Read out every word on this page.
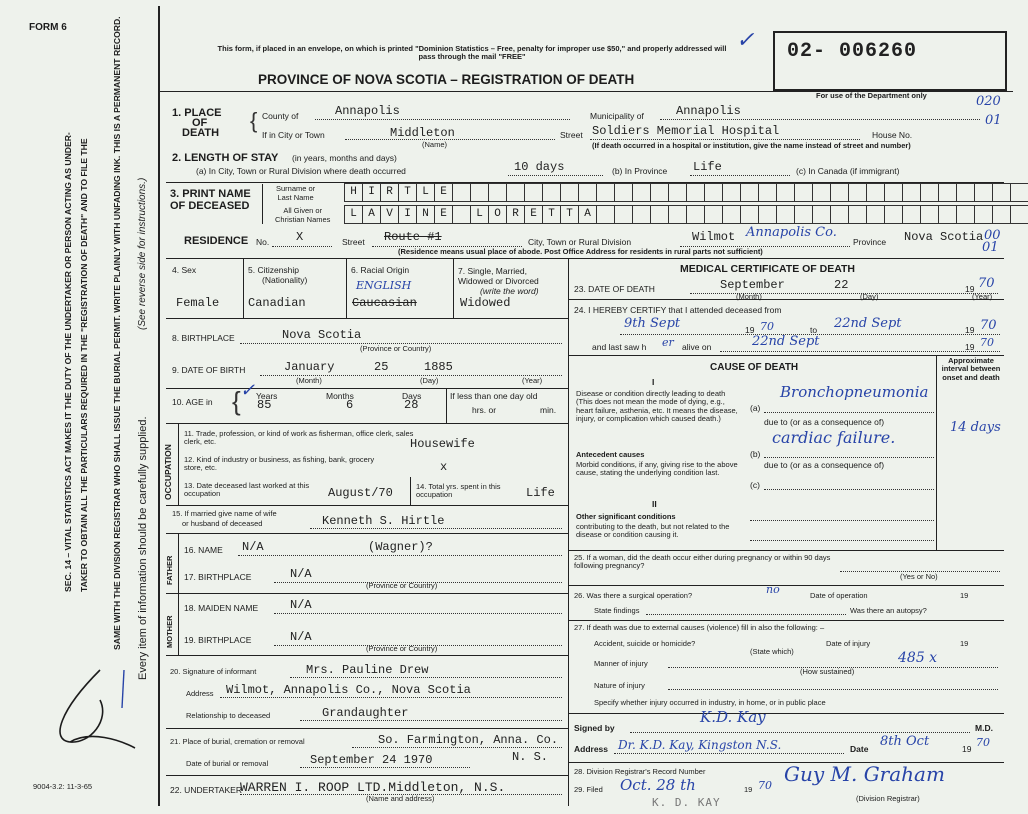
FORM 6
This form, if placed in an envelope, on which is printed "Dominion Statistics – Free, penalty for improper use $50," and properly addressed will pass through the mail "FREE"
PROVINCE OF NOVA SCOTIA – REGISTRATION OF DEATH
02- 006260
For use of the Department only
✓
020
01
00
01
SEC. 14 – VITAL STATISTICS ACT MAKES IT THE DUTY OF THE UNDERTAKER OR PERSON ACTING AS UNDER- TAKER TO OBTAIN ALL THE PARTICULARS REQUIRED IN THE "REGISTRATION OF DEATH" AND TO FILE THE	SAME WITH THE DIVISION REGISTRAR WHO SHALL ISSUE THE BURIAL PERMIT. WRITE PLAINLY WITH UNFADING INK. THIS IS A PERMANENT RECORD. Every item of information should be carefully supplied.
(See reverse side for instructions.)
9004-3.2: 11-3-65
1. PLACE
OF
DEATH { County of	Annapolis	Municipality of	Annapolis
If in City or Town	Middleton
(Name)
Street Soldiers Memorial Hospital	House No.
(If death occurred in a hospital or institution, give the name instead of street and number)
2. LENGTH OF STAY (in years, months and days)
(a) In City, Town or Rural Division where death occurred	10 days	(b) In Province Life	(c) In Canada (if immigrant)
3. PRINT NAME
OF DECEASED
Surname or
Last Name
All Given or
Christian Names
H	I	R	T	L	E
L	A	V	I	N	E	L	O	R	E	T	T	A
RESIDENCE No. X	Street Route #1	City, Town or Rural Division	Wilmot Annapolis Co.
Province Nova Scotia
(Residence means usual place of abode. Post Office Address for residents in rural parts not sufficient)
4. Sex
Female
5. Citizenship
(Nationality)
Canadian
6. Racial Origin
ENGLISH
Caucasian
7. Single, Married,
Widowed or Divorced
(write the word)
Widowed
8. BIRTHPLACE	Nova Scotia
(Province or Country)
9. DATE OF BIRTH	January	25	1885
(Month)	(Day)	(Year)
10. AGE in { Years
✓
85
Months
6
Days
28
If less than one day old
hrs. or	min.
OCCUPATION
11. Trade, profession, or kind of work as fisherman, office clerk, sales clerk, etc.	Housewife
12. Kind of industry or business, as fishing, bank, grocery store, etc.	x
13. Date deceased last worked at this occupation	August/70	14. Total yrs. spent in this occupation	Life
15. If married give name of wife
or husband of deceased	Kenneth S. Hirtle
FATHER
16. NAME N/A	(Wagner)?
17. BIRTHPLACE	N/A
(Province or Country)
MOTHER
18. MAIDEN NAME	N/A
19. BIRTHPLACE	N/A
(Province or Country)
20. Signature of informant	Mrs. Pauline Drew
Address Wilmot, Annapolis Co., Nova Scotia
Relationship to deceased	Grandaughter
21. Place of burial, cremation or removal	So. Farmington, Anna. Co.
N. S.
Date of burial or removal	September 24 1970
22. UNDERTAKER
WARREN I. ROOP LTD.Middleton, N.S.
(Name and address)
MEDICAL CERTIFICATE OF DEATH
23. DATE OF DEATH	September	22	19 70
(Month)	(Day)	(Year)
24. I HEREBY CERTIFY that I attended deceased from
9th Sept	19 70	to 22nd Sept	19 70
and last saw h er alive on	22nd Sept	19 70
CAUSE OF DEATH
Approximate interval between onset and death
I
Disease or condition directly leading to death (This does not mean the mode of dying, e.g., heart failure, asthenia, etc. It means the disease, injury, or complication which caused death.)
(a)
Bronchopneumonia
due to (or as a consequence of)
Antecedent causes
Morbid conditions, if any, giving rise to the above cause, stating the underlying condition last.
(b)
cardiac failure.
14 days
due to (or as a consequence of)
(c)
II
Other significant conditions
contributing to the death, but not related to the disease or condition causing it.
25. If a woman, did the death occur either during pregnancy or within 90 days following pregnancy?
(Yes or No)
26. Was there a surgical operation?	no	Date of operation	19
State findings	Was there an autopsy?
27. If death was due to external causes (violence) fill in also the following: –
Accident, suicide or homicide?
(State which)
Date of injury	19
Manner of injury	485 x
(How sustained)
Nature of injury
Specify whether injury occurred in industry, in home, or in public place
Signed by
K.D. Kay
M.D.
Address Dr. K.D. Kay, Kingston N.S.	Date 8th Oct	19 70
28. Division Registrar's Record Number
29. Filed Oct. 28 th	19 70 Guy M. Graham
(Division Registrar)
K. D. KAY
